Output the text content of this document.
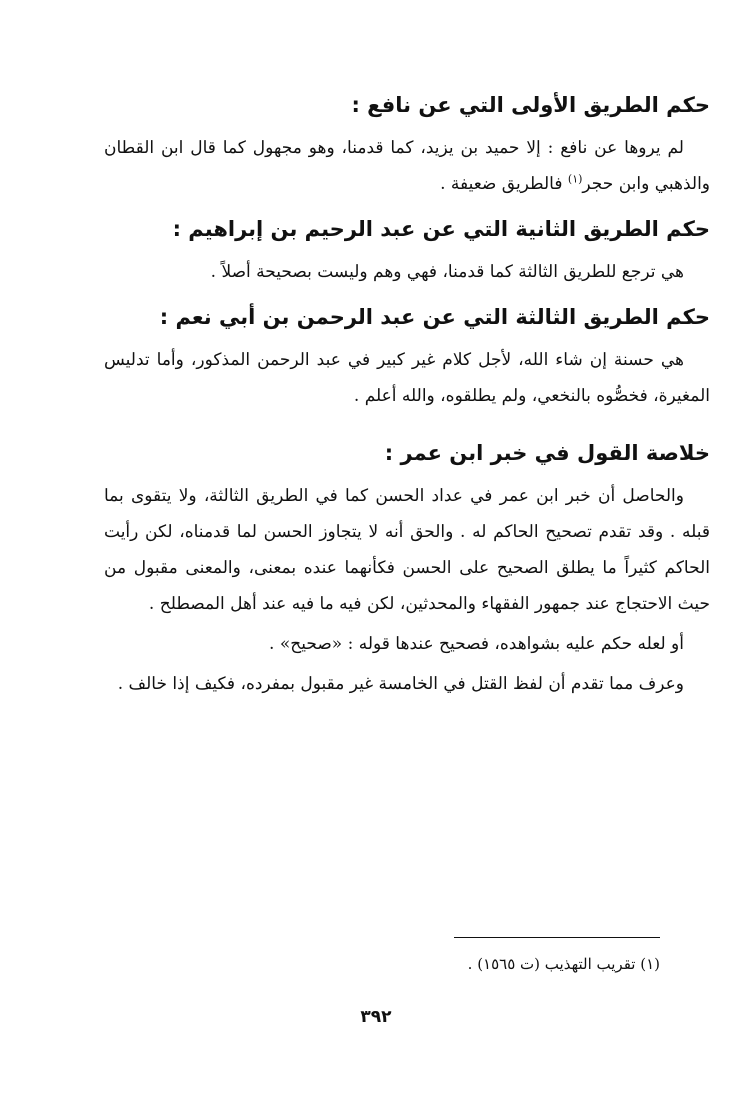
حكم الطريق الأولى التي عن نافع :

لم يروها عن نافع : إلا حميد بن يزيد، كما قدمنا، وهو مجهول كما قال ابن القطان والذهبي وابن حجر$^{(١)}$ فالطريق ضعيفة .

حكم الطريق الثانية التي عن عبد الرحيم بن إبراهيم :

هي ترجع للطريق الثالثة كما قدمنا، فهي وهم وليست بصحيحة أصلاً .

حكم الطريق الثالثة التي عن عبد الرحمن بن أبي نعم :

هي حسنة إن شاء الله، لأجل كلام غير كبير في عبد الرحمن المذكور، وأما تدليس المغيرة، فخصُّوه بالنخعي، ولم يطلقوه، والله أعلم .

خلاصة القول في خبر ابن عمر :

والحاصل أن خبر ابن عمر في عداد الحسن كما في الطريق الثالثة، ولا يتقوى بما قبله . وقد تقدم تصحيح الحاكم له . والحق أنه لا يتجاوز الحسن لما قدمناه، لكن رأيت الحاكم كثيراً ما يطلق الصحيح على الحسن فكأنهما عنده بمعنى، والمعنى مقبول من حيث الاحتجاج عند جمهور الفقهاء والمحدثين، لكن فيه ما فيه عند أهل المصطلح .

أو لعله حكم عليه بشواهده، فصحيح عندها قوله : «صحيح» .

وعرف مما تقدم أن لفظ القتل في الخامسة غير مقبول بمفرده، فكيف إذا خالف .

(١) تقريب التهذيب (ت ١٥٦٥) .
٣٩٢
